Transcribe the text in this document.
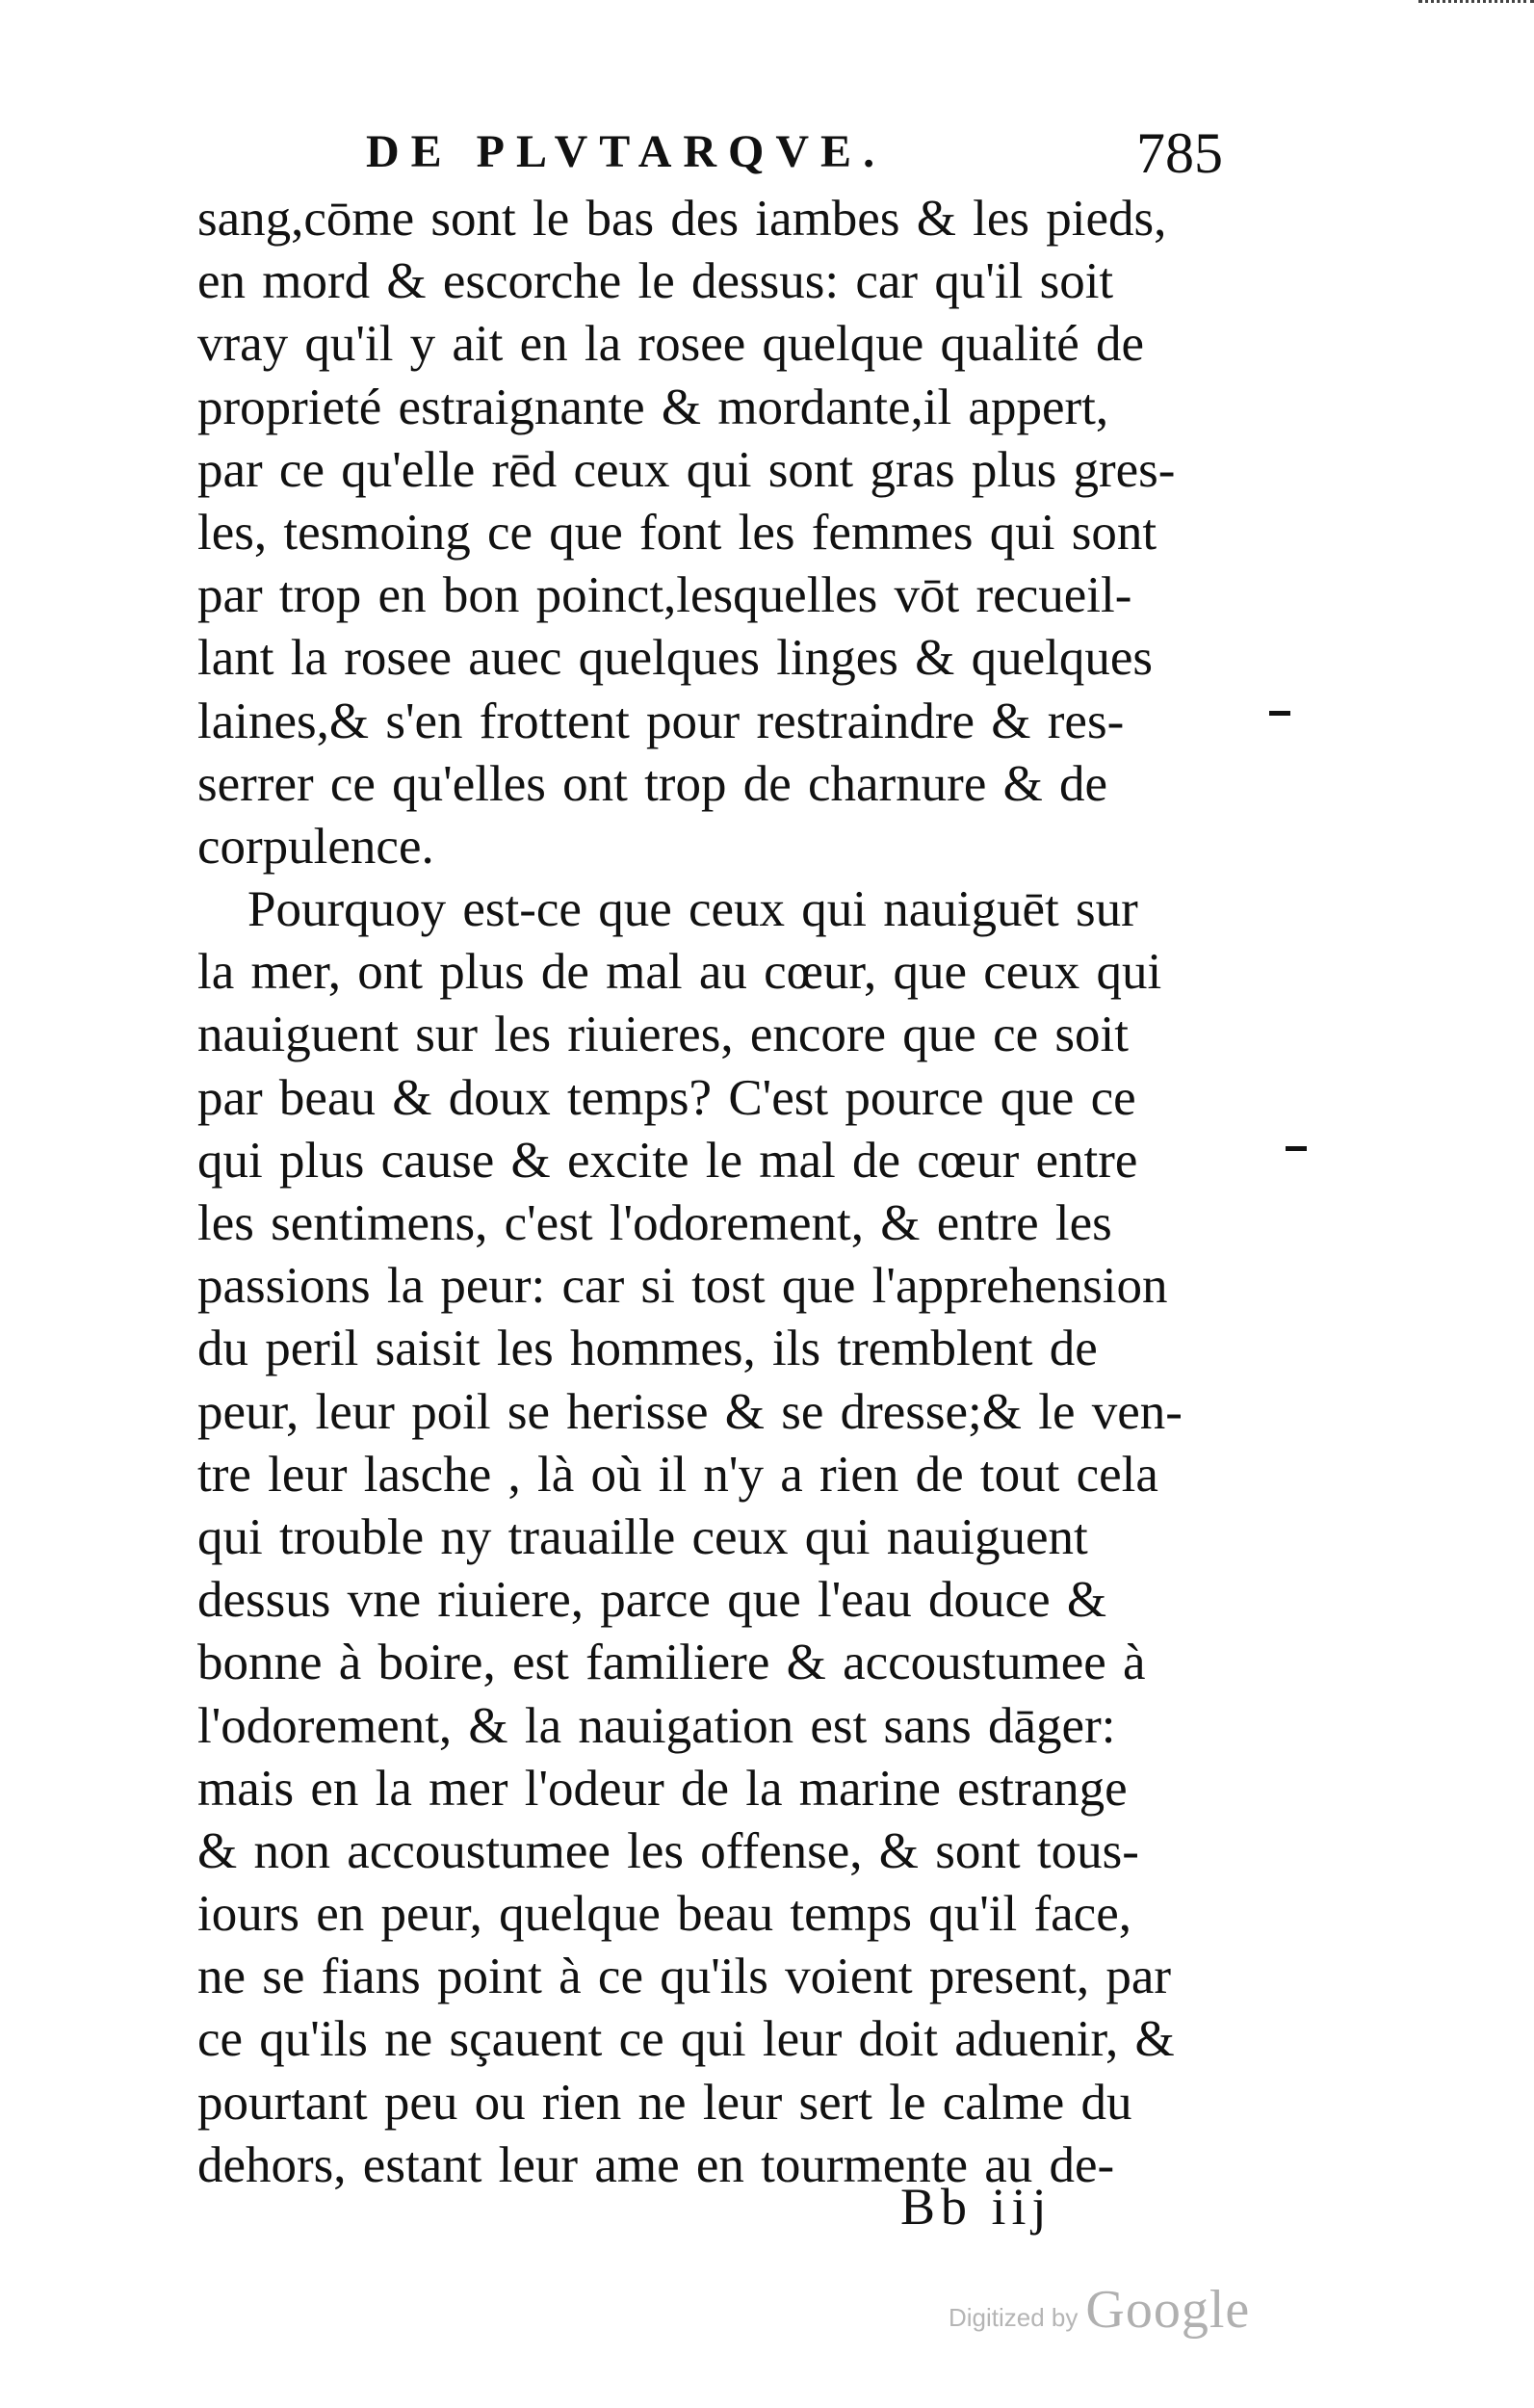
DE PLVTARQVE.	785
sang,cōme sont le bas des iambes & les pieds,
en mord & escorche le dessus: car qu'il soit
vray qu'il y ait en la rosee quelque qualité de
proprieté estraignante & mordante,il appert,
par ce qu'elle rēd ceux qui sont gras plus gres-
les, tesmoing ce que font les femmes qui sont
par trop en bon poinct,lesquelles vōt recueil-
lant la rosee auec quelques linges & quelques
laines,& s'en frottent pour restraindre & res-
serrer ce qu'elles ont trop de charnure & de
corpulence.
Pourquoy est-ce que ceux qui nauiguēt sur
la mer, ont plus de mal au cœur, que ceux qui
nauiguent sur les riuieres, encore que ce soit
par beau & doux temps? C'est pource que ce
qui plus cause & excite le mal de cœur entre
les sentimens, c'est l'odorement, & entre les
passions la peur: car si tost que l'apprehension
du peril saisit les hommes, ils tremblent de
peur, leur poil se herisse & se dresse;& le ven-
tre leur lasche , là où il n'y a rien de tout cela
qui trouble ny trauaille ceux qui nauiguent
dessus vne riuiere, parce que l'eau douce &
bonne à boire, est familiere & accoustumee à
l'odorement, & la nauigation est sans dāger:
mais en la mer l'odeur de la marine estrange
& non accoustumee les offense, & sont tous-
iours en peur, quelque beau temps qu'il face,
ne se fians point à ce qu'ils voient present, par
ce qu'ils ne sçauent ce qui leur doit aduenir, &
pourtant peu ou rien ne leur sert le calme du
dehors, estant leur ame en tourmente au de-
Bb iij
Digitized by Google
